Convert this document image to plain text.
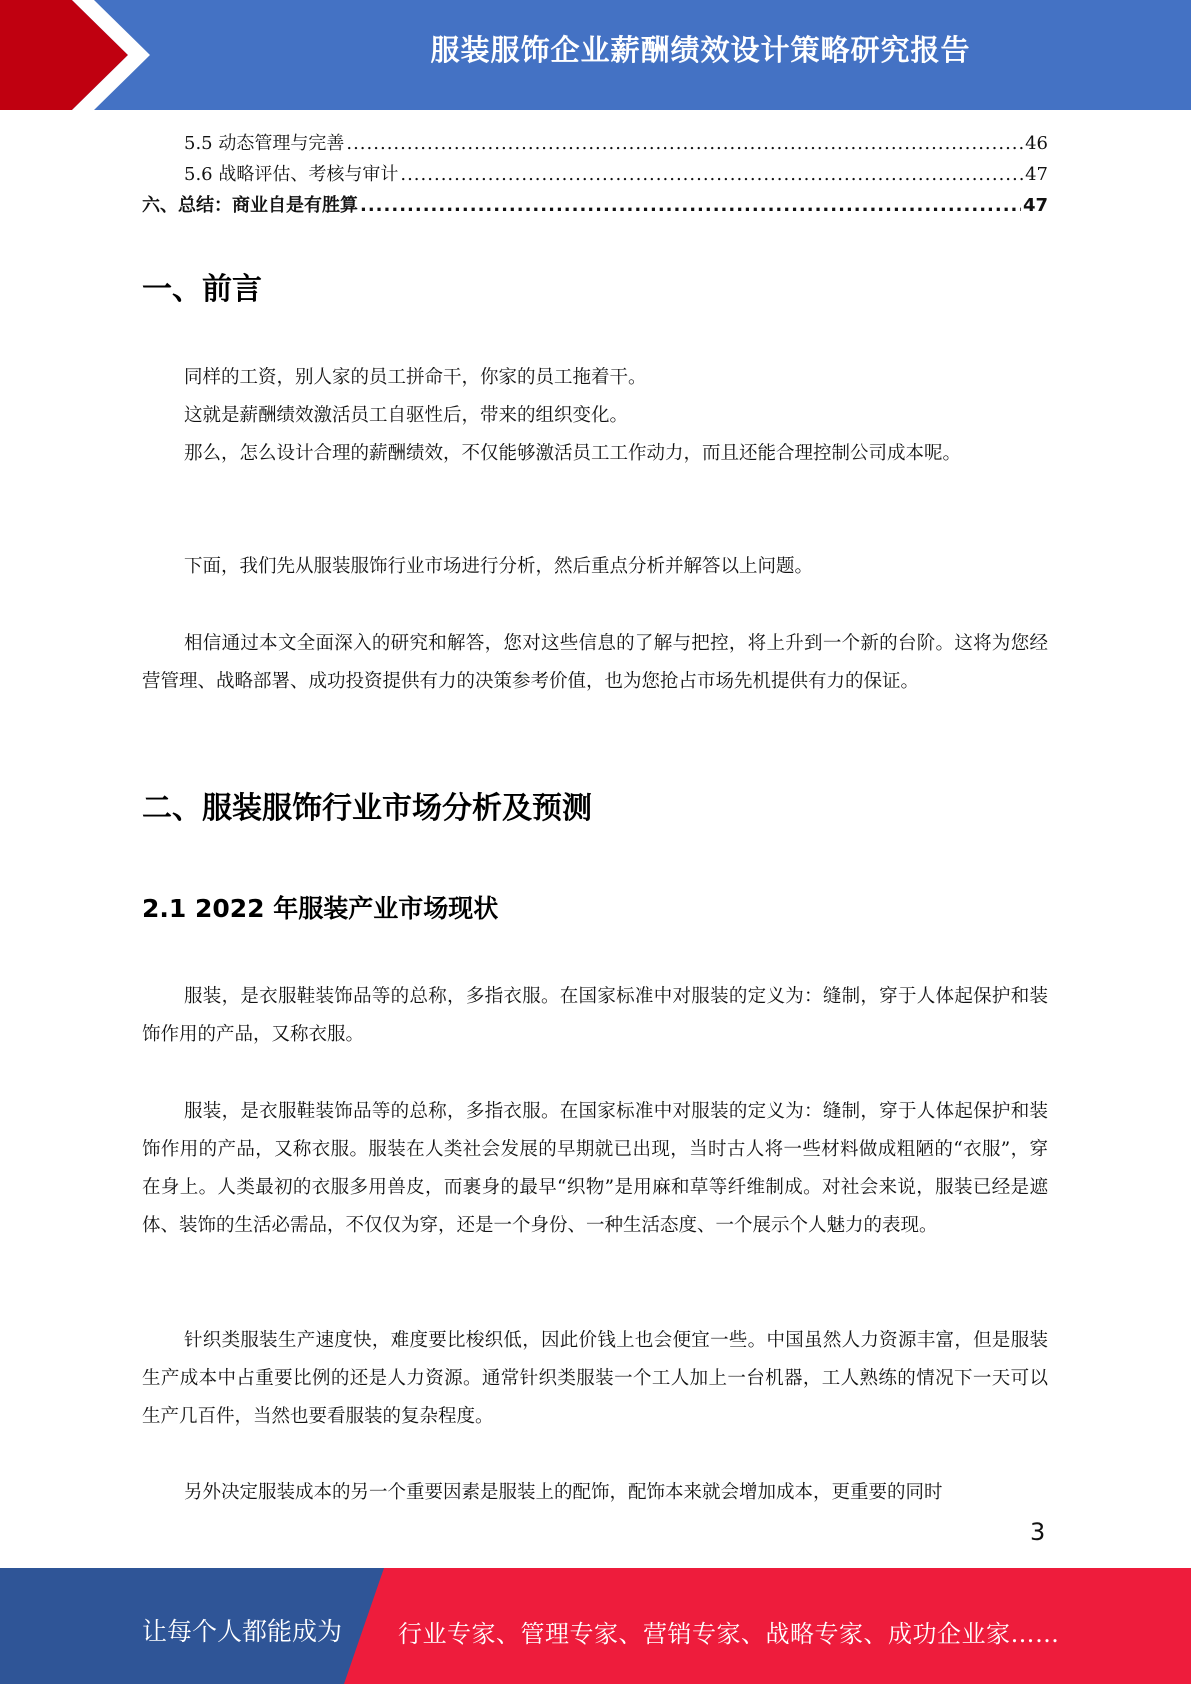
服装服饰企业薪酬绩效设计策略研究报告
5.5 动态管理与完善 .....	46
5.6 战略评估、考核与审计 .....	47
六、总结：商业自是有胜算 .....	47
一、前言

同样的工资，别人家的员工拼命干，你家的员工拖着干。

这就是薪酬绩效激活员工自驱性后，带来的组织变化。

那么，怎么设计合理的薪酬绩效，不仅能够激活员工工作动力，而且还能合理控制公司成本呢。

下面，我们先从服装服饰行业市场进行分析，然后重点分析并解答以上问题。

相信通过本文全面深入的研究和解答，您对这些信息的了解与把控，将上升到一个新的台阶。这将为您经营管理、战略部署、成功投资提供有力的决策参考价值，也为您抢占市场先机提供有力的保证。

二、服装服饰行业市场分析及预测
2.1 2022 年服装产业市场现状

服装，是衣服鞋装饰品等的总称，多指衣服。在国家标准中对服装的定义为：缝制，穿于人体起保护和装饰作用的产品，又称衣服。

服装，是衣服鞋装饰品等的总称，多指衣服。在国家标准中对服装的定义为：缝制，穿于人体起保护和装饰作用的产品，又称衣服。服装在人类社会发展的早期就已出现，当时古人将一些材料做成粗陋的“衣服”，穿在身上。人类最初的衣服多用兽皮，而裹身的最早“织物”是用麻和草等纤维制成。对社会来说，服装已经是遮体、装饰的生活必需品，不仅仅为穿，还是一个身份、一种生活态度、一个展示个人魅力的表现。

针织类服装生产速度快，难度要比梭织低，因此价钱上也会便宜一些。中国虽然人力资源丰富，但是服装生产成本中占重要比例的还是人力资源。通常针织类服装一个工人加上一台机器，工人熟练的情况下一天可以生产几百件，当然也要看服装的复杂程度。

另外决定服装成本的另一个重要因素是服装上的配饰，配饰本来就会增加成本，更重要的同时

3
让每个人都能成为 行业专家、管理专家、营销专家、战略专家、成功企业家……
